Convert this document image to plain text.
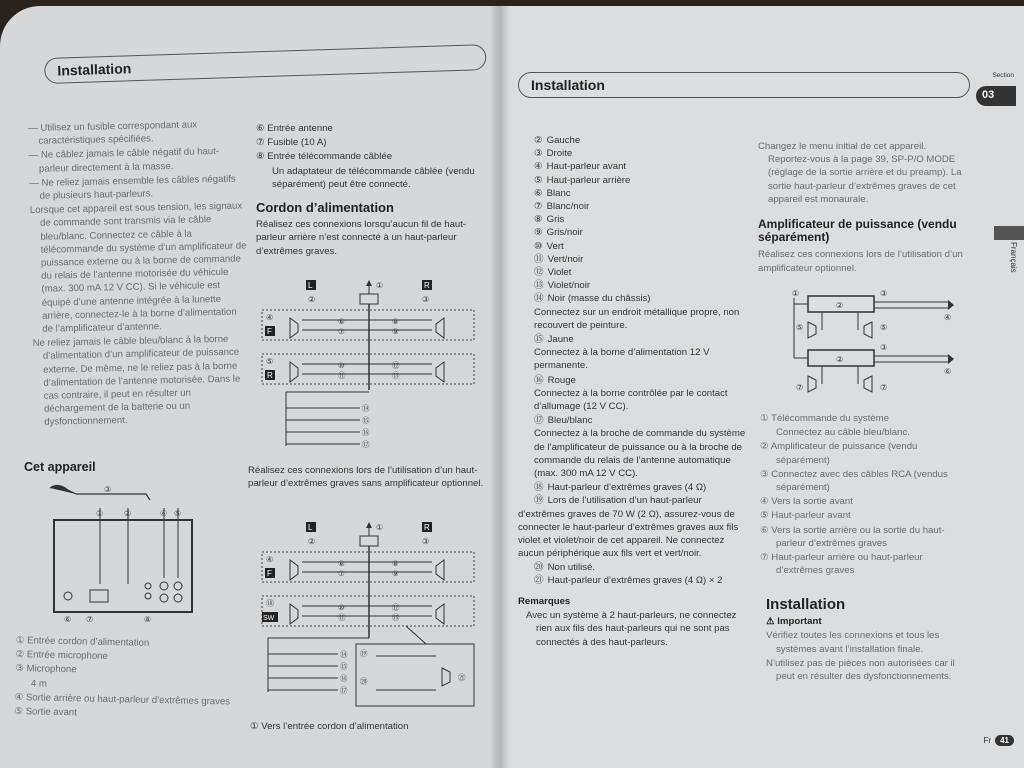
Installation

— Utilisez un fusible correspondant aux caractéristiques spécifiées.

— Ne câblez jamais le câble négatif du haut-parleur directement à la masse.

— Ne reliez jamais ensemble les câbles négatifs de plusieurs haut-parleurs.

Lorsque cet appareil est sous tension, les signaux de commande sont transmis via le câble bleu/blanc. Connectez ce câble à la télécommande du système d’un amplificateur de puissance externe ou à la borne de commande du relais de l’antenne motorisée du véhicule (max. 300 mA 12 V CC). Si le véhicule est équipé d’une antenne intégrée à la lunette arrière, connectez-le à la borne d’alimentation de l’amplificateur d’antenne.

Ne reliez jamais le câble bleu/blanc à la borne d’alimentation d’un amplificateur de puissance externe. De même, ne le reliez pas à la borne d’alimentation de l’antenne motorisée. Dans le cas contraire, il peut en résulter un déchargement de la batterie ou un dysfonctionnement.

Cet appareil
③
①	②	④ ⑤
⑥ ⑦	⑧

① Entrée cordon d’alimentation

② Entrée microphone

③ Microphone

4 m

④ Sortie arrière ou haut-parleur d’extrêmes graves

⑤ Sortie avant

⑥ Entrée antenne

⑦ Fusible (10 A)

⑧ Entrée télécommande câblée

Un adaptateur de télécommande câblée (vendu séparément) peut être connecté.

Cordon d’alimentation

Réalisez ces connexions lorsqu’aucun fil de haut-parleur arrière n’est connecté à un haut-parleur d’extrêmes graves.

L	R
②	③
①
④
F
⑤
R
⑥
⑦
⑧
⑨
⑩
⑪
⑫
⑬
⑭
⑮
⑯
⑰

Réalisez ces connexions lors de l’utilisation d’un haut-parleur d’extrêmes graves sans amplificateur optionnel.

L	R
②	③
①
④
F
⑱
SW
⑥
⑦
⑧
⑨
⑩
⑪
⑫
⑬
⑭
⑮
⑯
⑰
⑲
⑳	㉑

① Vers l’entrée cordon d’alimentation

Installation
Section
03
Français

② Gauche

③ Droite

④ Haut-parleur avant

⑤ Haut-parleur arrière

⑥ Blanc

⑦ Blanc/noir

⑧ Gris

⑨ Gris/noir

⑩ Vert

⑪ Vert/noir

⑫ Violet

⑬ Violet/noir

⑭ Noir (masse du châssis)

Connectez sur un endroit métallique propre, non recouvert de peinture.

⑮ Jaune

Connectez à la borne d’alimentation 12 V permanente.

⑯ Rouge

Connectez à la borne contrôlée par le contact d’allumage (12 V CC).

⑰ Bleu/blanc

Connectez à la broche de commande du système de l’amplificateur de puissance ou à la broche de commande du relais de l’antenne automatique (max. 300 mA 12 V CC).

⑱ Haut-parleur d’extrêmes graves (4 Ω)

⑲ Lors de l’utilisation d’un haut-parleur d’extrêmes graves de 70 W (2 Ω), assurez-vous de connecter le haut-parleur d’extrêmes graves aux fils violet et violet/noir de cet appareil. Ne connectez aucun périphérique aux fils vert et vert/noir.

⑳ Non utilisé.

㉑ Haut-parleur d’extrêmes graves (4 Ω) × 2

Remarques

Avec un système à 2 haut-parleurs, ne connectez rien aux fils des haut-parleurs qui ne sont pas connectés à des haut-parleurs.

Changez le menu initial de cet appareil. Reportez-vous à la page 39, SP-P/O MODE (réglage de la sortie arrière et du preamp). La sortie haut-parleur d’extrêmes graves de cet appareil est monaurale.

Amplificateur de puissance (vendu séparément)

Réalisez ces connexions lors de l’utilisation d’un amplificateur optionnel.

①
②
②
③
③
④
⑥
⑤	⑤
⑦	⑦

① Télécommande du système

Connectez au câble bleu/blanc.

② Amplificateur de puissance (vendu séparément)

③ Connectez avec des câbles RCA (vendus séparément)

④ Vers la sortie avant

⑤ Haut-parleur avant

⑥ Vers la sortie arrière ou la sortie du haut-parleur d’extrêmes graves

⑦ Haut-parleur arrière ou haut-parleur d’extrêmes graves

Installation

⚠ Important

Vérifiez toutes les connexions et tous les systèmes avant l’installation finale.

N’utilisez pas de pièces non autorisées car il peut en résulter des dysfonctionnements.

Fr 41
